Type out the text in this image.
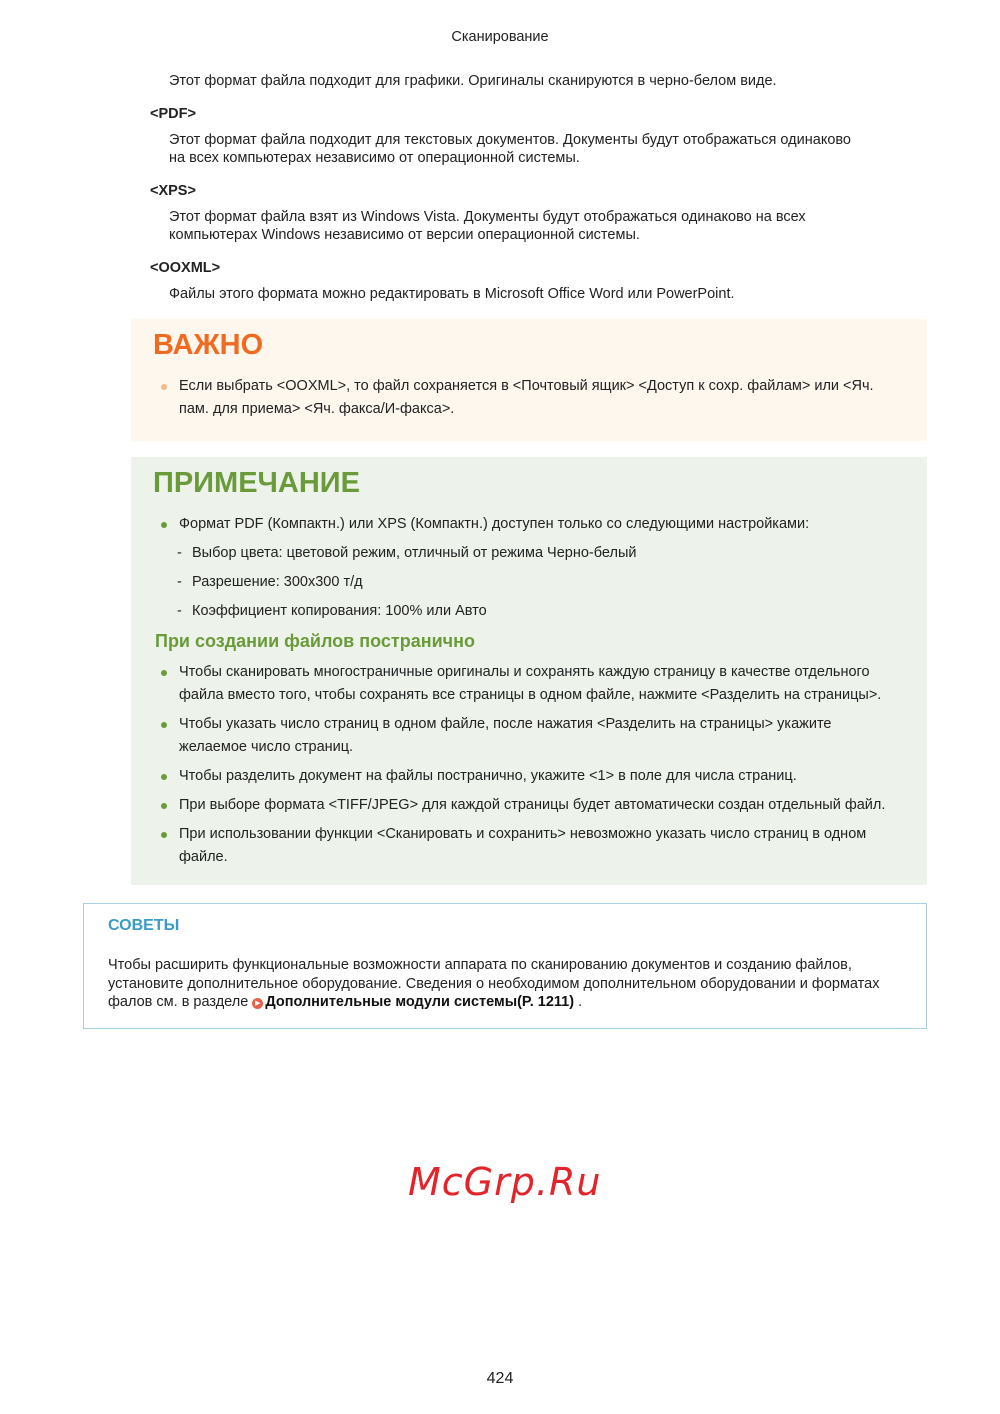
Сканирование

Этот формат файла подходит для графики. Оригиналы сканируются в черно-белом виде.

<PDF>

Этот формат файла подходит для текстовых документов. Документы будут отображаться одинаково
на всех компьютерах независимо от операционной системы.

<XPS>

Этот формат файла взят из Windows Vista. Документы будут отображаться одинаково на всех
компьютерах Windows независимо от версии операционной системы.

<OOXML>

Файлы этого формата можно редактировать в Microsoft Office Word или PowerPoint.

ВАЖНО
Если выбрать <OOXML>, то файл сохраняется в <Почтовый ящик> <Доступ к сохр. файлам> или <Яч. пам. для приема> <Яч. факса/И-факса>.
ПРИМЕЧАНИЕ
Формат PDF (Компактн.) или XPS (Компактн.) доступен только со следующими настройками:
- Выбор цвета: цветовой режим, отличный от режима Черно-белый
- Разрешение: 300x300 т/д
- Коэффициент копирования: 100% или Авто
При создании файлов постранично
Чтобы сканировать многостраничные оригиналы и сохранять каждую страницу в качестве отдельного файла вместо того, чтобы сохранять все страницы в одном файле, нажмите <Разделить на страницы>.
Чтобы указать число страниц в одном файле, после нажатия <Разделить на страницы> укажите желаемое число страниц.
Чтобы разделить документ на файлы постранично, укажите <1> в поле для числа страниц.
При выборе формата <TIFF/JPEG> для каждой страницы будет автоматически создан отдельный файл.
При использовании функции <Сканировать и сохранить> невозможно указать число страниц в одном файле.
СОВЕТЫ
Чтобы расширить функциональные возможности аппарата по сканированию документов и созданию файлов, установите дополнительное оборудование. Сведения о необходимом дополнительном оборудовании и форматах фалов см. в разделе ▶ Дополнительные модули системы(P. 1211) .
McGrp.Ru
424
